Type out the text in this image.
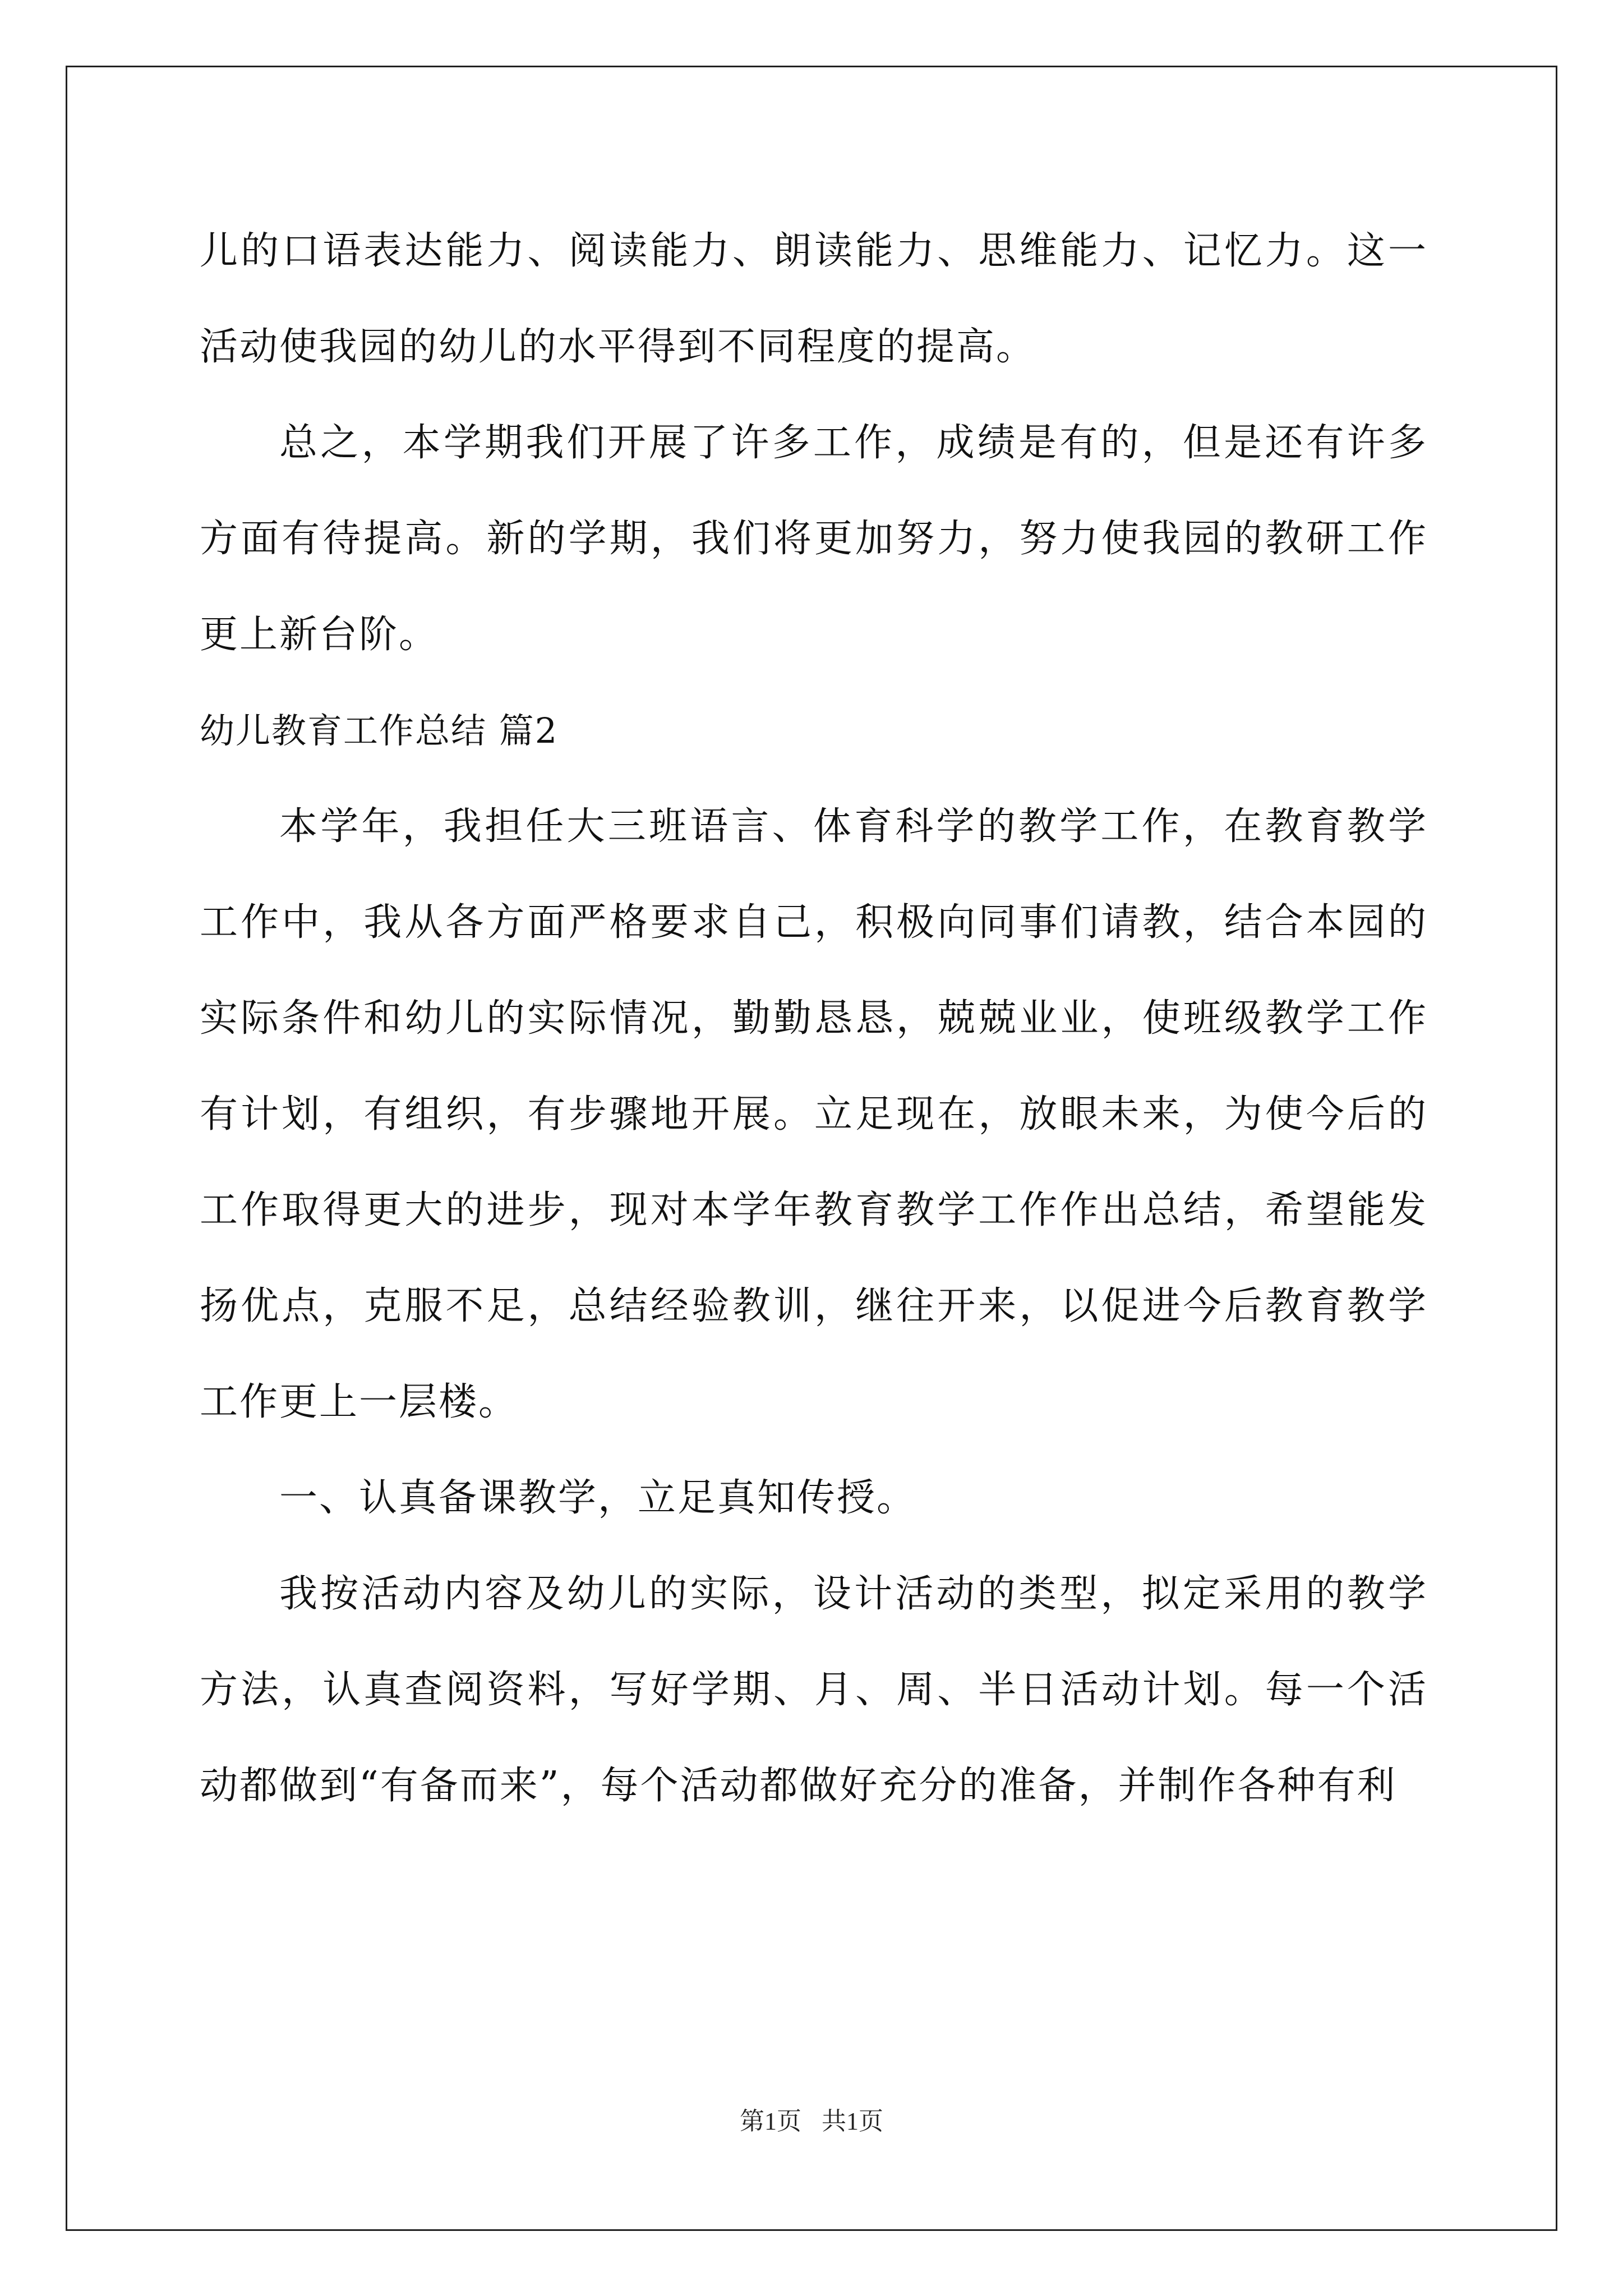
儿的口语表达能力、阅读能力、朗读能力、思维能力、记忆力。这一活动使我园的幼儿的水平得到不同程度的提高。

总之，本学期我们开展了许多工作，成绩是有的，但是还有许多方面有待提高。新的学期，我们将更加努力，努力使我园的教研工作更上新台阶。

幼儿教育工作总结 篇2

本学年，我担任大三班语言、体育科学的教学工作，在教育教学工作中，我从各方面严格要求自己，积极向同事们请教，结合本园的实际条件和幼儿的实际情况，勤勤恳恳，兢兢业业，使班级教学工作有计划，有组织，有步骤地开展。立足现在，放眼未来，为使今后的工作取得更大的进步，现对本学年教育教学工作作出总结，希望能发扬优点，克服不足，总结经验教训，继往开来，以促进今后教育教学工作更上一层楼。

一、认真备课教学，立足真知传授。

我按活动内容及幼儿的实际，设计活动的类型，拟定采用的教学方法，认真查阅资料，写好学期、月、周、半日活动计划。每一个活动都做到“有备而来”，每个活动都做好充分的准备，并制作各种有利

第1页 共1页
